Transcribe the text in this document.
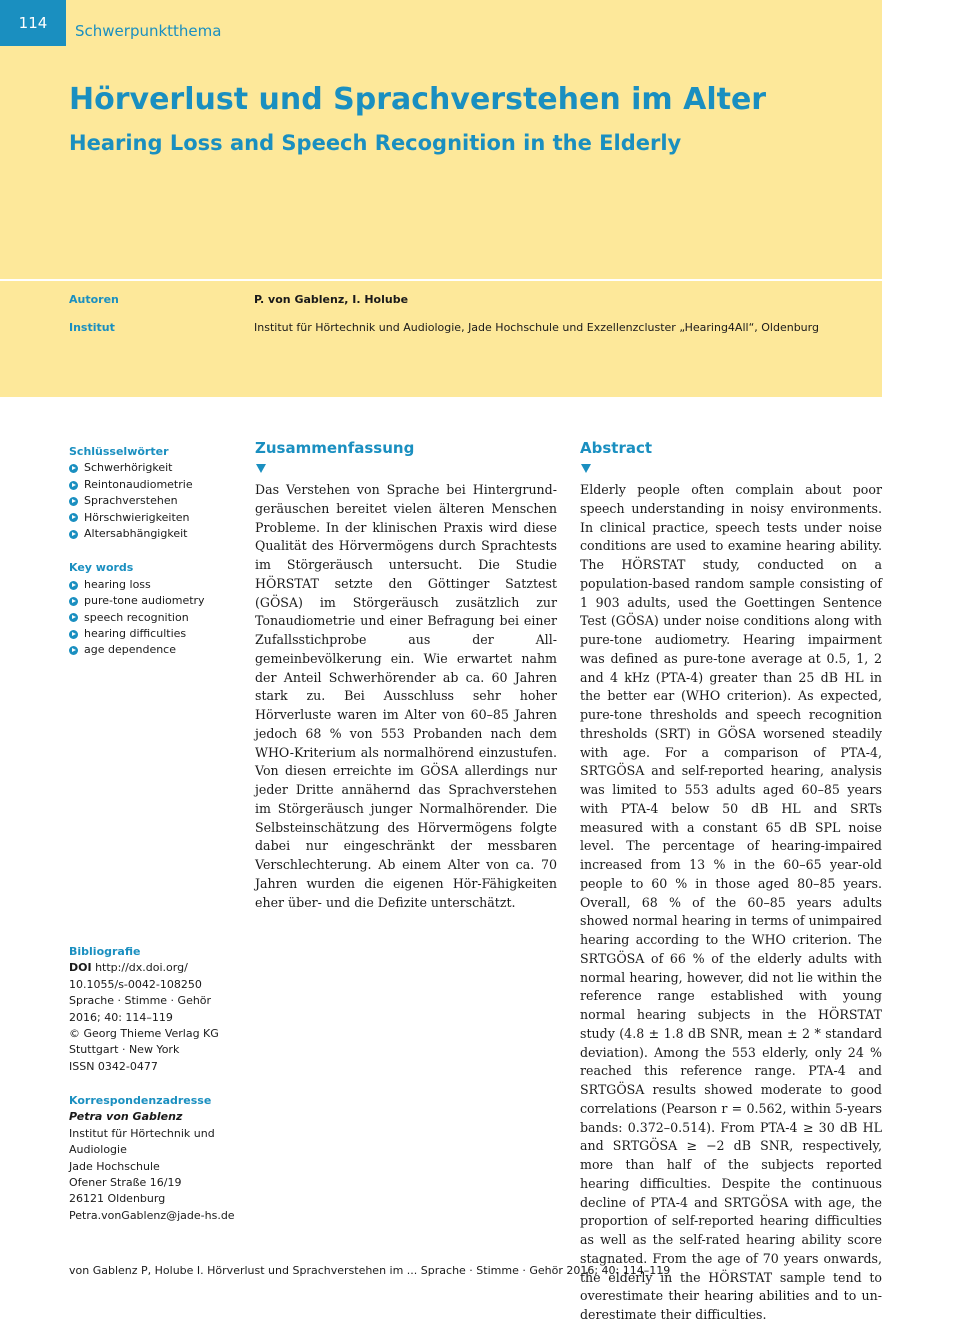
114	Schwerpunktthema
Hörverlust und Sprachverstehen im Alter
Hearing Loss and Speech Recognition in the Elderly
Autoren	P. von Gablenz, I. Holube
Institut	Institut für Hörtechnik und Audiologie, Jade Hochschule und Exzellenzcluster „Hearing4All“, Oldenburg
Schlüsselwörter
Schwerhörigkeit
Reintonaudiometrie
Sprachverstehen
Hörschwierigkeiten
Altersabhängigkeit
Key words
hearing loss
pure-tone audiometry
speech recognition
hearing difficulties
age dependence
Bibliografie
DOI http://dx.doi.org/
10.1055/s-0042-108250
Sprache · Stimme · Gehör
2016; 40: 114–119
© Georg Thieme Verlag KG
Stuttgart · New York
ISSN 0342-0477
Korrespondenzadresse
Petra von Gablenz
Institut für Hörtechnik und
Audiologie
Jade Hochschule
Ofener Straße 16/19
26121 Oldenburg
Petra.vonGablenz@jade-hs.de
Zusammenfassung
Das Verstehen von Sprache bei Hintergrundgeräuschen bereitet vielen älteren Menschen Probleme. In der klinischen Praxis wird diese Qualität des Hörvermögens durch Sprachtests im Störgeräusch untersucht. Die Studie HÖRSTAT setzte den Göttinger Satztest (GÖSA) im Störgeräusch zusätzlich zur Tonaudiometrie und einer Befragung bei einer Zufallsstichprobe aus der Allgemeinbevölkerung ein. Wie erwartet nahm der Anteil Schwerhörender ab ca. 60 Jahren stark zu. Bei Ausschluss sehr hoher Hörverluste waren im Alter von 60–85 Jahren jedoch 68 % von 553 Probanden nach dem WHO-Kriterium als normalhörend einzustufen. Von diesen erreichte im GÖSA allerdings nur jeder Dritte annähernd das Sprachverstehen im Störgeräusch junger Normalhörender. Die Selbsteinschätzung des Hörvermögens folgte dabei nur eingeschränkt der messbaren Verschlechterung. Ab einem Alter von ca. 70 Jahren wurden die eigenen Hör-Fähigkeiten eher über- und die Defizite unterschätzt.
Abstract
Elderly people often complain about poor speech understanding in noisy environments. In clinical practice, speech tests under noise conditions are used to examine hearing ability. The HÖRSTAT study, conducted on a population-based random sample consisting of 1 903 adults, used the Goettingen Sentence Test (GÖSA) under noise conditions along with pure-tone audiometry. Hearing impairment was defined as pure-tone average at 0.5, 1, 2 and 4 kHz (PTA-4) greater than 25 dB HL in the better ear (WHO criterion). As expected, pure-tone thresholds and speech recognition thresholds (SRT) in GÖSA worsened steadily with age. For a comparison of PTA-4, SRTGÖSA and self-reported hearing, analysis was limited to 553 adults aged 60–85 years with PTA-4 below 50 dB HL and SRTs measured with a constant 65 dB SPL noise level. The percentage of hearing-impaired increased from 13 % in the 60–65 year-old people to 60 % in those aged 80–85 years. Overall, 68 % of the 60–85 years adults showed normal hearing in terms of unimpaired hearing according to the WHO criterion. The SRTGÖSA of 66 % of the elderly adults with normal hearing, however, did not lie within the reference range established with young normal hearing subjects in the HÖRSTAT study (4.8 ± 1.8 dB SNR, mean ± 2 * standard deviation). Among the 553 elderly, only 24 % reached this reference range. PTA-4 and SRTGÖSA results showed moderate to good correlations (Pearson r = 0.562, within 5-years bands: 0.372–0.514). From PTA-4 ≥ 30 dB HL and SRTGÖSA ≥ −2 dB SNR, respectively, more than half of the subjects reported hearing difficulties. Despite the continuous decline of PTA-4 and SRTGÖSA with age, the proportion of self-reported hearing difficulties as well as the self-rated hearing ability score stagnated. From the age of 70 years onwards, the elderly in the HÖRSTAT sample tend to overestimate their hearing abilities and to underestimate their difficulties.
von Gablenz P, Holube I. Hörverlust und Sprachverstehen im ... Sprache · Stimme · Gehör 2016; 40: 114–119
